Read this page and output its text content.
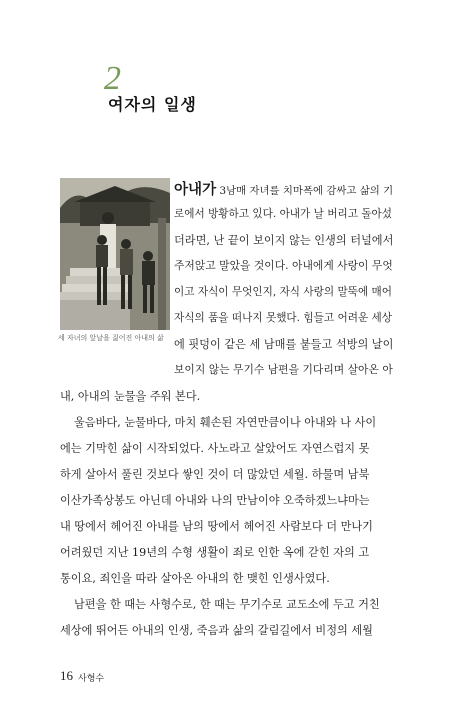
2
여자의 일생
세 자녀의 앞날을 짊어진 아내의 삶
아내가 3남매 자녀를 치마폭에 감싸고 삶의 기
로에서 방황하고 있다. 아내가 날 버리고 돌아섰
더라면, 난 끝이 보이지 않는 인생의 터널에서
주저앉고 말았을 것이다. 아내에게 사랑이 무엇
이고 자식이 무엇인지, 자식 사랑의 말뚝에 매어
자식의 품을 떠나지 못했다. 힘들고 어려운 세상
에 핏덩이 같은 세 남매를 붙들고 석방의 날이
보이지 않는 무기수 남편을 기다리며 살아온 아
내, 아내의 눈물을 주워 본다.
울음바다, 눈물바다, 마치 훼손된 자연만큼이나 아내와 나 사이
에는 기막힌 삶이 시작되었다. 사노라고 살았어도 자연스럽지 못
하게 살아서 풀린 것보다 쌓인 것이 더 많았던 세월. 하물며 남북
이산가족상봉도 아닌데 아내와 나의 만남이야 오죽하겠느냐마는
내 땅에서 헤어진 아내를 남의 땅에서 헤어진 사람보다 더 만나기
어려웠던 지난 19년의 수형 생활이 죄로 인한 옥에 갇힌 자의 고
통이요, 죄인을 따라 살아온 아내의 한 맺힌 인생사였다.
남편을 한 때는 사형수로, 한 때는 무기수로 교도소에 두고 거친
세상에 뛰어든 아내의 인생, 죽음과 삶의 갈림길에서 비정의 세월
16 사형수
